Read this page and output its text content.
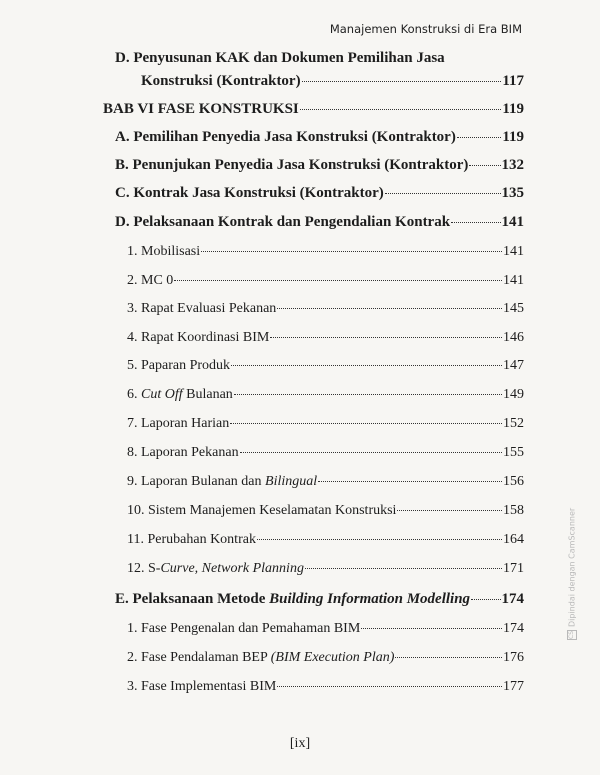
Manajemen Konstruksi di Era BIM
D. Penyusunan KAK dan Dokumen Pemilihan Jasa
Konstruksi (Kontraktor)	117
BAB VI FASE KONSTRUKSI	119
A. Pemilihan Penyedia Jasa Konstruksi (Kontraktor)	119
B. Penunjukan Penyedia Jasa Konstruksi (Kontraktor) 132
C. Kontrak Jasa Konstruksi (Kontraktor)	135
D. Pelaksanaan Kontrak dan Pengendalian Kontrak	141
1. Mobilisasi	141
2. MC 0	141
3. Rapat Evaluasi Pekanan	145
4. Rapat Koordinasi BIM	146
5. Paparan Produk	147
6. Cut Off Bulanan	149
7. Laporan Harian	152
8. Laporan Pekanan	155
9. Laporan Bulanan dan Bilingual	156
10. Sistem Manajemen Keselamatan Konstruksi	158
11. Perubahan Kontrak	164
12. S-Curve, Network Planning	171
E. Pelaksanaan Metode Building Information Modelling 174
1. Fase Pengenalan dan Pemahaman BIM	174
2. Fase Pendalaman BEP (BIM Execution Plan)	176
3. Fase Implementasi BIM	177
[ix]
CSDipindai dengan CamScanner
